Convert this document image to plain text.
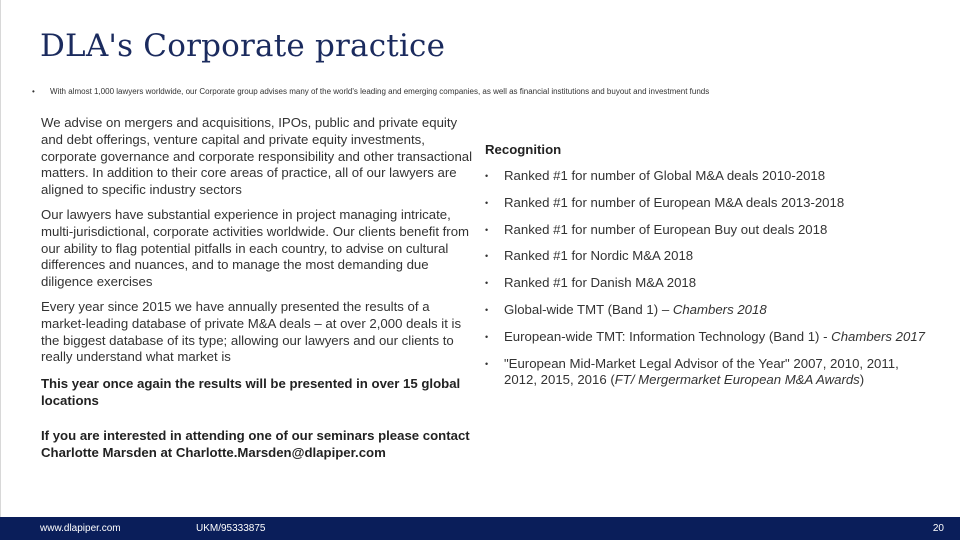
DLA's Corporate practice
• With almost 1,000 lawyers worldwide, our Corporate group advises many of the world's leading and emerging companies, as well as financial institutions and buyout and investment funds

We advise on mergers and acquisitions, IPOs, public and private equity and debt offerings, venture capital and private equity investments, corporate governance and corporate responsibility and other transactional matters. In addition to their core areas of practice, all of our lawyers are aligned to specific industry sectors

Our lawyers have substantial experience in project managing intricate, multi-jurisdictional, corporate activities worldwide. Our clients benefit from our ability to flag potential pitfalls in each country, to advise on cultural differences and nuances, and to manage the most demanding due diligence exercises

Every year since 2015 we have annually presented the results of a market-leading database of private M&A deals – at over 2,000 deals it is the biggest database of its type; allowing our lawyers and our clients to really understand what market is

This year once again the results will be presented in over 15 global locations

If you are interested in attending one of our seminars please contact Charlotte Marsden at Charlotte.Marsden@dlapiper.com

Recognition
• Ranked #1 for number of Global M&A deals 2010-2018
• Ranked #1 for number of European M&A deals 2013-2018
• Ranked #1 for number of European Buy out deals 2018
• Ranked #1 for Nordic M&A 2018
• Ranked #1 for Danish M&A 2018
• Global-wide TMT (Band 1) – Chambers 2018
• European-wide TMT: Information Technology (Band 1) - Chambers 2017
• "European Mid-Market Legal Advisor of the Year" 2007, 2010, 2011, 2012, 2015, 2016 (FT/ Mergermarket European M&A Awards)
www.dlapiper.com	UKM/95333875	20
